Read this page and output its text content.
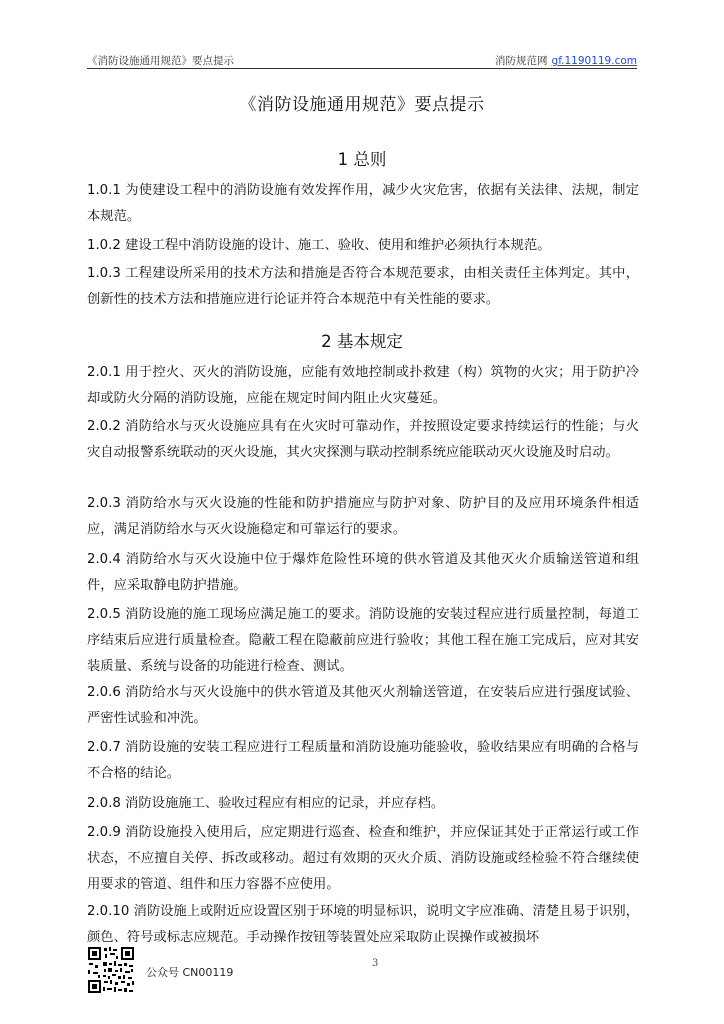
《消防设施通用规范》要点提示	消防规范网 gf.1190119.com
《消防设施通用规范》要点提示
1 总则
1.0.1 为使建设工程中的消防设施有效发挥作用，减少火灾危害，依据有关法律、法规，制定本规范。
1.0.2 建设工程中消防设施的设计、施工、验收、使用和维护必须执行本规范。
1.0.3 工程建设所采用的技术方法和措施是否符合本规范要求，由相关责任主体判定。其中，创新性的技术方法和措施应进行论证并符合本规范中有关性能的要求。
2 基本规定
2.0.1 用于控火、灭火的消防设施，应能有效地控制或扑救建（构）筑物的火灾；用于防护冷却或防火分隔的消防设施，应能在规定时间内阻止火灾蔓延。
2.0.2 消防给水与灭火设施应具有在火灾时可靠动作，并按照设定要求持续运行的性能；与火灾自动报警系统联动的灭火设施，其火灾探测与联动控制系统应能联动灭火设施及时启动。
2.0.3 消防给水与灭火设施的性能和防护措施应与防护对象、防护目的及应用环境条件相适应，满足消防给水与灭火设施稳定和可靠运行的要求。
2.0.4 消防给水与灭火设施中位于爆炸危险性环境的供水管道及其他灭火介质输送管道和组件，应采取静电防护措施。
2.0.5 消防设施的施工现场应满足施工的要求。消防设施的安装过程应进行质量控制，每道工序结束后应进行质量检查。隐蔽工程在隐蔽前应进行验收；其他工程在施工完成后，应对其安装质量、系统与设备的功能进行检查、测试。
2.0.6 消防给水与灭火设施中的供水管道及其他灭火剂输送管道，在安装后应进行强度试验、严密性试验和冲洗。
2.0.7 消防设施的安装工程应进行工程质量和消防设施功能验收，验收结果应有明确的合格与不合格的结论。
2.0.8 消防设施施工、验收过程应有相应的记录，并应存档。
2.0.9 消防设施投入使用后，应定期进行巡查、检查和维护，并应保证其处于正常运行或工作状态，不应擅自关停、拆改或移动。超过有效期的灭火介质、消防设施或经检验不符合继续使用要求的管道、组件和压力容器不应使用。
2.0.10 消防设施上或附近应设置区别于环境的明显标识，说明文字应准确、清楚且易于识别，颜色、符号或标志应规范。手动操作按钮等装置处应采取防止误操作或被损坏
3
公众号 CN00119
